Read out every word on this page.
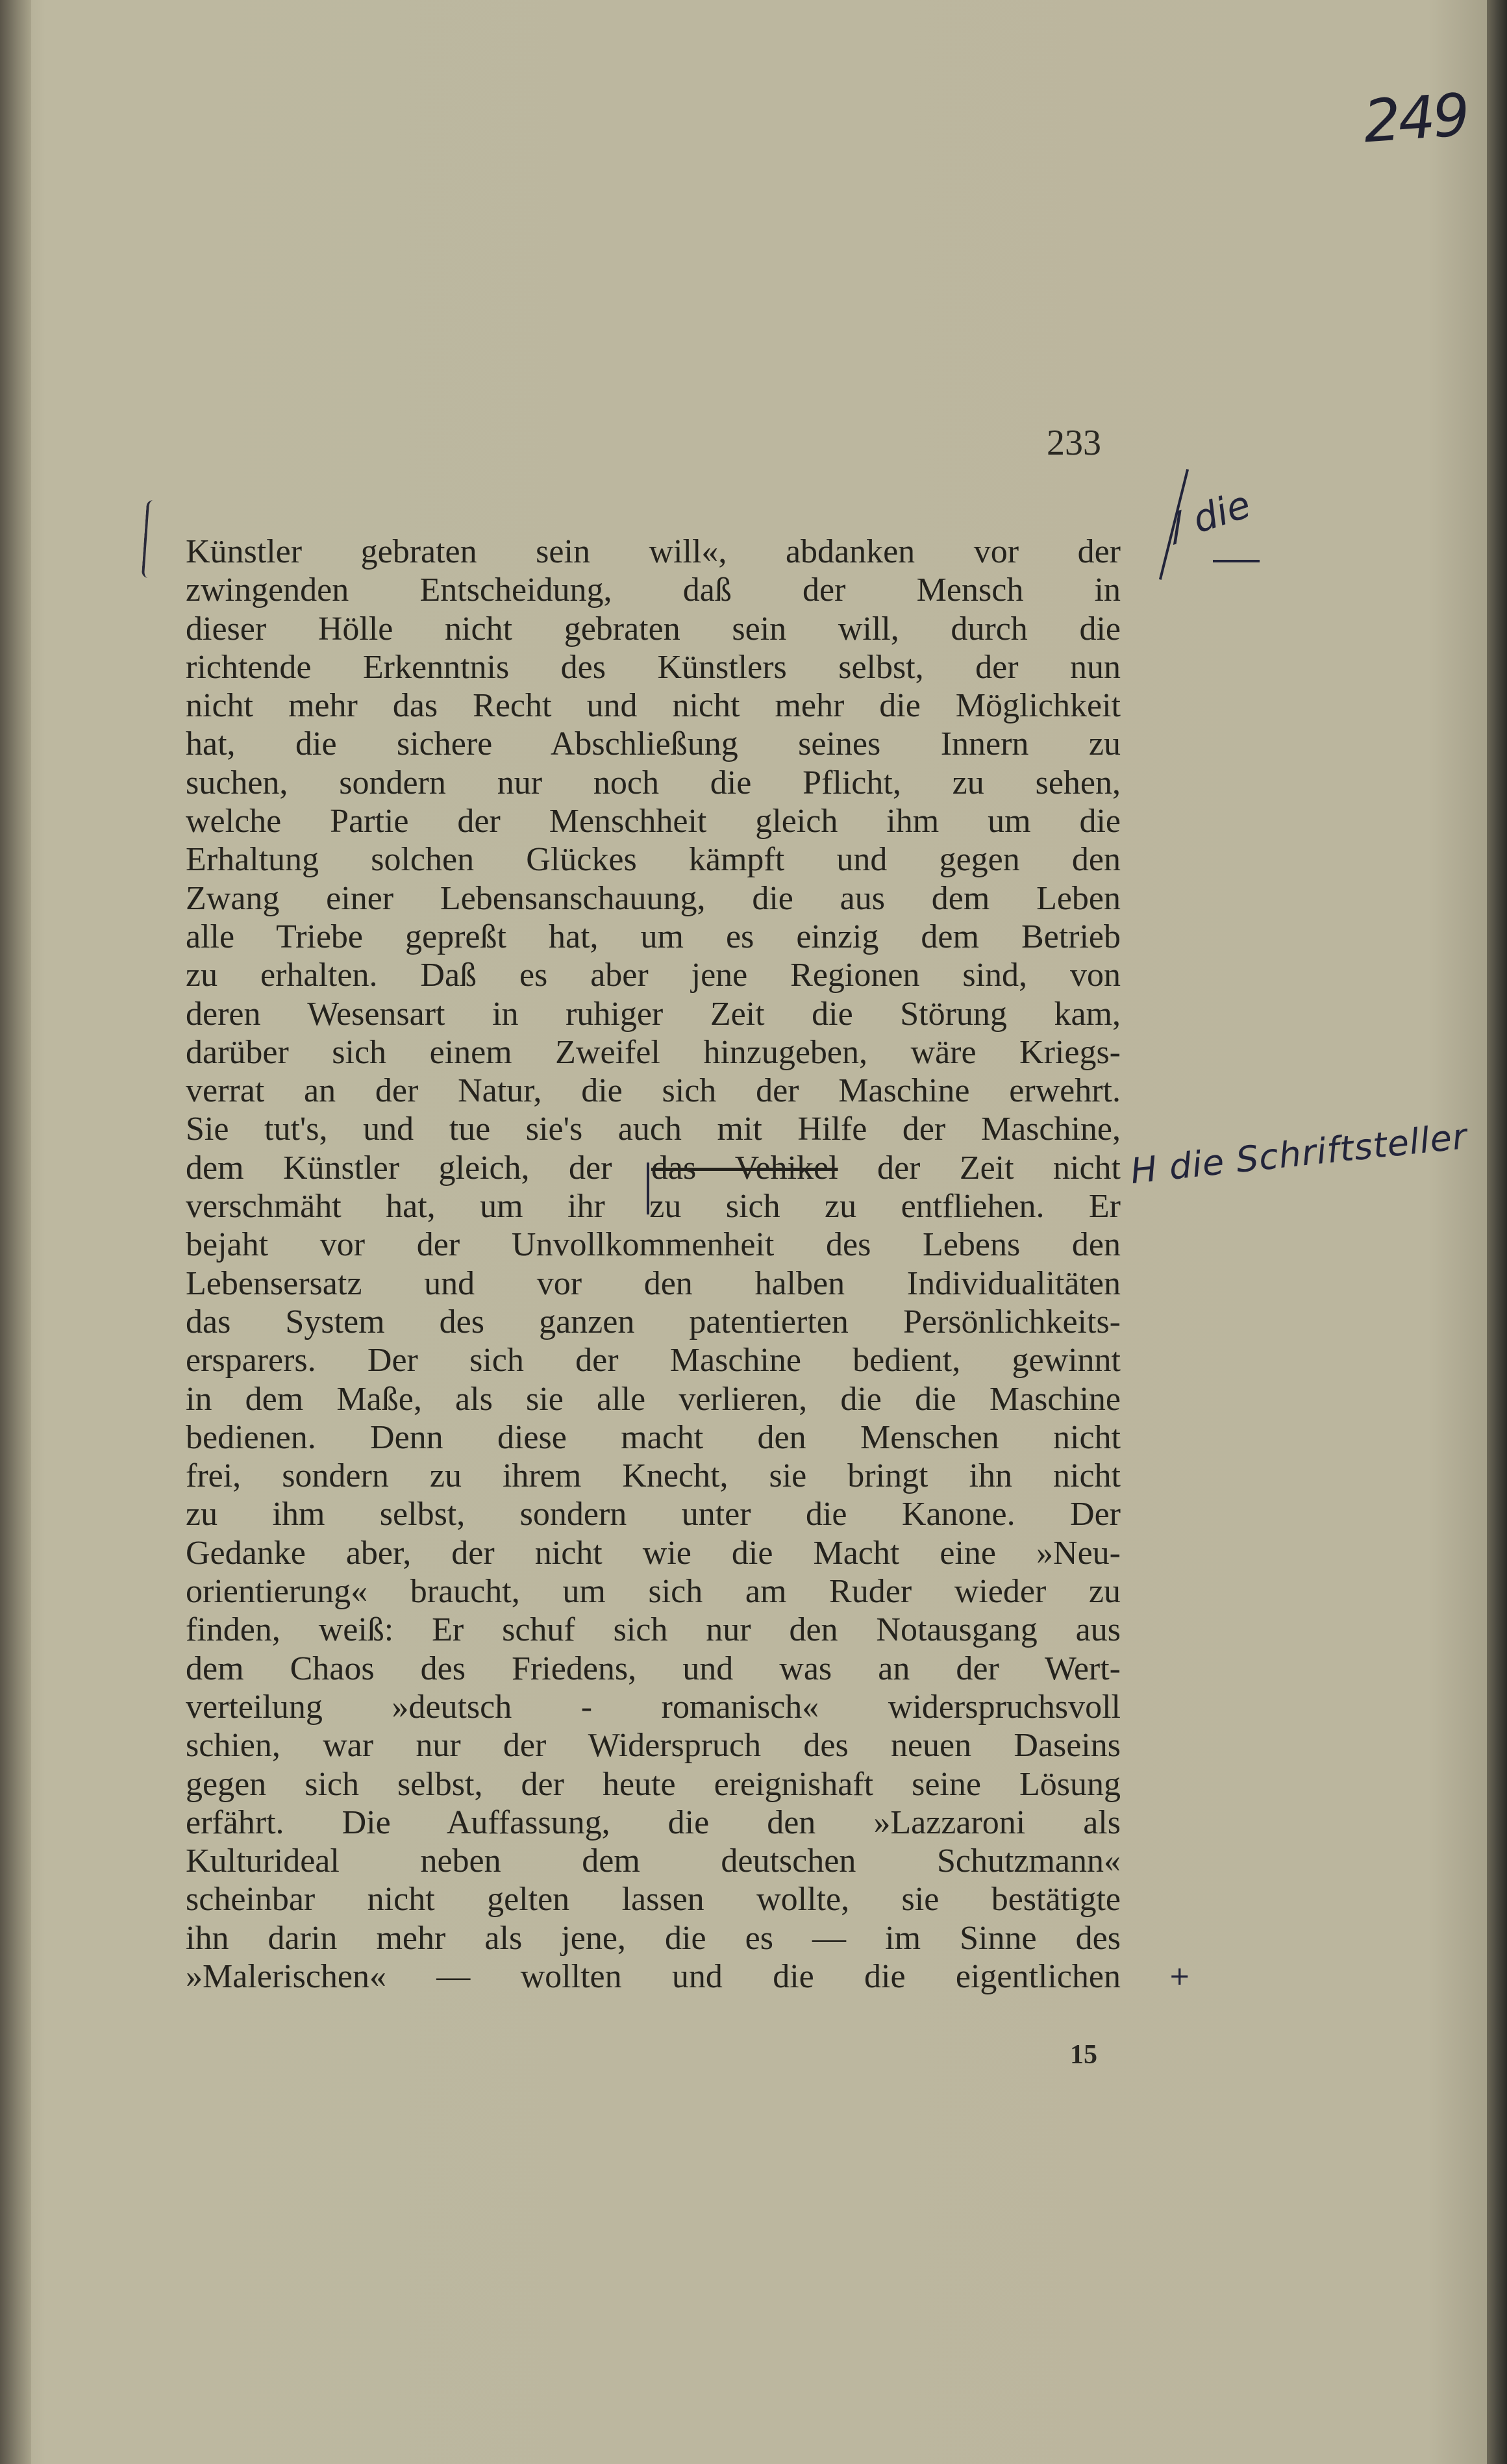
249
233
/ die
H die Schriftsteller
+
Künstler gebraten sein will«, abdanken vor der
zwingenden Entscheidung, daß der Mensch in
dieser Hölle nicht gebraten sein will, durch die
richtende Erkenntnis des Künstlers selbst, der nun
nicht mehr das Recht und nicht mehr die Möglichkeit
hat, die sichere Abschließung seines Innern zu
suchen, sondern nur noch die Pflicht, zu sehen,
welche Partie der Menschheit gleich ihm um die
Erhaltung solchen Glückes kämpft und gegen den
Zwang einer Lebensanschauung, die aus dem Leben
alle Triebe gepreßt hat, um es einzig dem Betrieb
zu erhalten. Daß es aber jene Regionen sind, von
deren Wesensart in ruhiger Zeit die Störung kam,
darüber sich einem Zweifel hinzugeben, wäre Kriegs-
verrat an der Natur, die sich der Maschine erwehrt.
Sie tut's, und tue sie's auch mit Hilfe der Maschine,
dem Künstler gleich, der das Vehikel der Zeit nicht
verschmäht hat, um ihr zu sich zu entfliehen. Er
bejaht vor der Unvollkommenheit des Lebens den
Lebensersatz und vor den halben Individualitäten
das System des ganzen patentierten Persönlichkeits-
ersparers. Der sich der Maschine bedient, gewinnt
in dem Maße, als sie alle verlieren, die die Maschine
bedienen. Denn diese macht den Menschen nicht
frei, sondern zu ihrem Knecht, sie bringt ihn nicht
zu ihm selbst, sondern unter die Kanone. Der
Gedanke aber, der nicht wie die Macht eine »Neu-
orientierung« braucht, um sich am Ruder wieder zu
finden, weiß: Er schuf sich nur den Notausgang aus
dem Chaos des Friedens, und was an der Wert-
verteilung »deutsch - romanisch« widerspruchsvoll
schien, war nur der Widerspruch des neuen Daseins
gegen sich selbst, der heute ereignishaft seine Lösung
erfährt. Die Auffassung, die den »Lazzaroni als
Kulturideal neben dem deutschen Schutzmann«
scheinbar nicht gelten lassen wollte, sie bestätigte
ihn darin mehr als jene, die es — im Sinne des
»Malerischen« — wollten und die die eigentlichen
15
